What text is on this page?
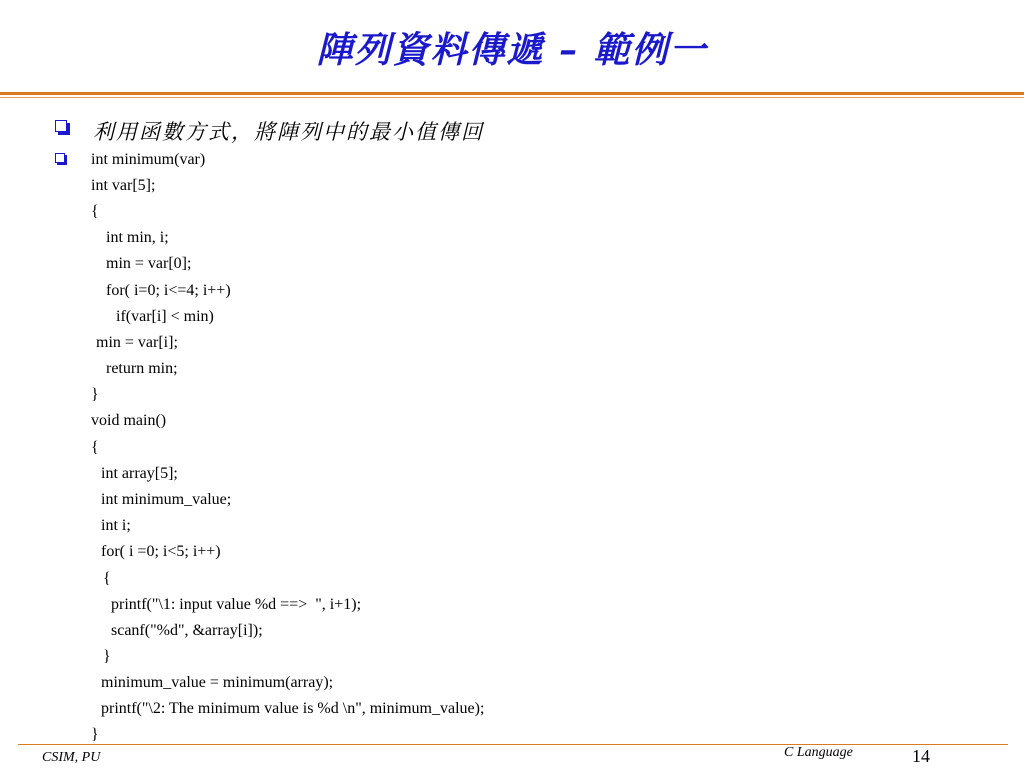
陣列資料傳遞 – 範例一
利用函數方式，將陣列中的最小值傳回
int minimum(var)
int var[5];
{
int min, i;
min = var[0];
for( i=0; i<=4; i++)
if(var[i] < min)
min = var[i];
return min;
}
void main()
{
int array[5];
int minimum_value;
int i;
for( i =0; i<5; i++)
{
printf("\1: input value %d ==>  ", i+1);
scanf("%d", &array[i]);
}
minimum_value = minimum(array);
printf("\2: The minimum value is %d \n", minimum_value);
}
CSIM, PU	C Language	14
